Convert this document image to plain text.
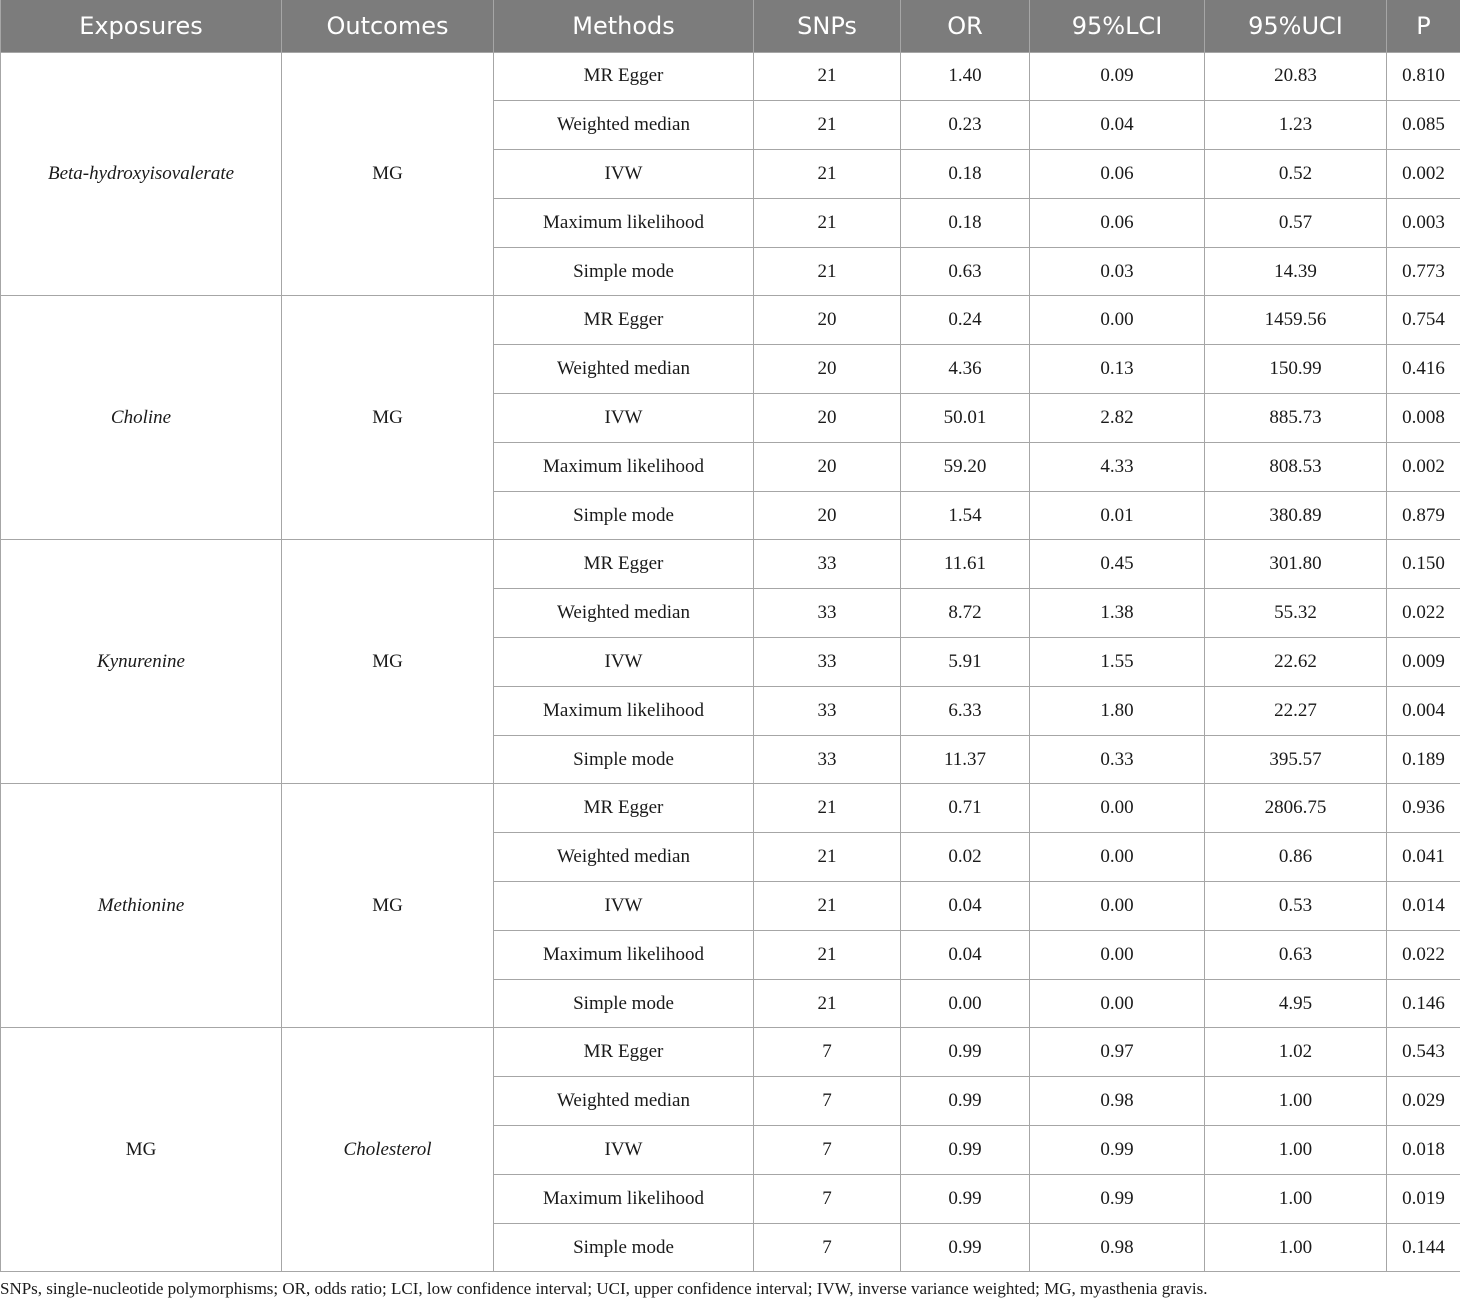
Exposures	Outcomes	Methods	SNPs	OR	95%LCI	95%UCI	P
Beta-hydroxyisovalerate	MG	MR Egger	21	1.40	0.09	20.83	0.810
		Weighted median	21	0.23	0.04	1.23	0.085
		IVW	21	0.18	0.06	0.52	0.002
		Maximum likelihood	21	0.18	0.06	0.57	0.003
		Simple mode	21	0.63	0.03	14.39	0.773
Choline	MG	MR Egger	20	0.24	0.00	1459.56	0.754
		Weighted median	20	4.36	0.13	150.99	0.416
		IVW	20	50.01	2.82	885.73	0.008
		Maximum likelihood	20	59.20	4.33	808.53	0.002
		Simple mode	20	1.54	0.01	380.89	0.879
Kynurenine	MG	MR Egger	33	11.61	0.45	301.80	0.150
		Weighted median	33	8.72	1.38	55.32	0.022
		IVW	33	5.91	1.55	22.62	0.009
		Maximum likelihood	33	6.33	1.80	22.27	0.004
		Simple mode	33	11.37	0.33	395.57	0.189
Methionine	MG	MR Egger	21	0.71	0.00	2806.75	0.936
		Weighted median	21	0.02	0.00	0.86	0.041
		IVW	21	0.04	0.00	0.53	0.014
		Maximum likelihood	21	0.04	0.00	0.63	0.022
		Simple mode	21	0.00	0.00	4.95	0.146
MG	Cholesterol	MR Egger	7	0.99	0.97	1.02	0.543
		Weighted median	7	0.99	0.98	1.00	0.029
		IVW	7	0.99	0.99	1.00	0.018
		Maximum likelihood	7	0.99	0.99	1.00	0.019
		Simple mode	7	0.99	0.98	1.00	0.144
SNPs, single-nucleotide polymorphisms; OR, odds ratio; LCI, low confidence interval; UCI, upper confidence interval; IVW, inverse variance weighted; MG, myasthenia gravis.
